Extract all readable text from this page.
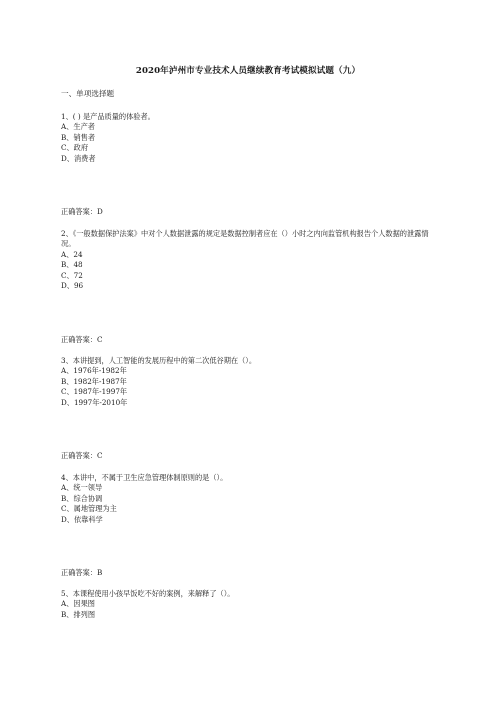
2020年泸州市专业技术人员继续教育考试模拟试题（九）
一、单项选择题
1、( ) 是产品质量的体验者。
A、生产者
B、销售者
C、政府
D、消费者
正确答案：D
2、《一般数据保护法案》中对个人数据泄露的规定是数据控制者应在（）小时之内向监管机构报告个人数据的泄露情况。
A、24
B、48
C、72
D、96
正确答案：C
3、本讲提到，人工智能的发展历程中的第二次低谷期在（）。
A、1976年-1982年
B、1982年-1987年
C、1987年-1997年
D、1997年-2010年
正确答案：C
4、本讲中，不属于卫生应急管理体制原则的是（）。
A、统一领导
B、综合协调
C、属地管理为主
D、依靠科学
正确答案：B
5、本课程使用小孩早饭吃不好的案例，来解释了（）。
A、因果图
B、排列图
